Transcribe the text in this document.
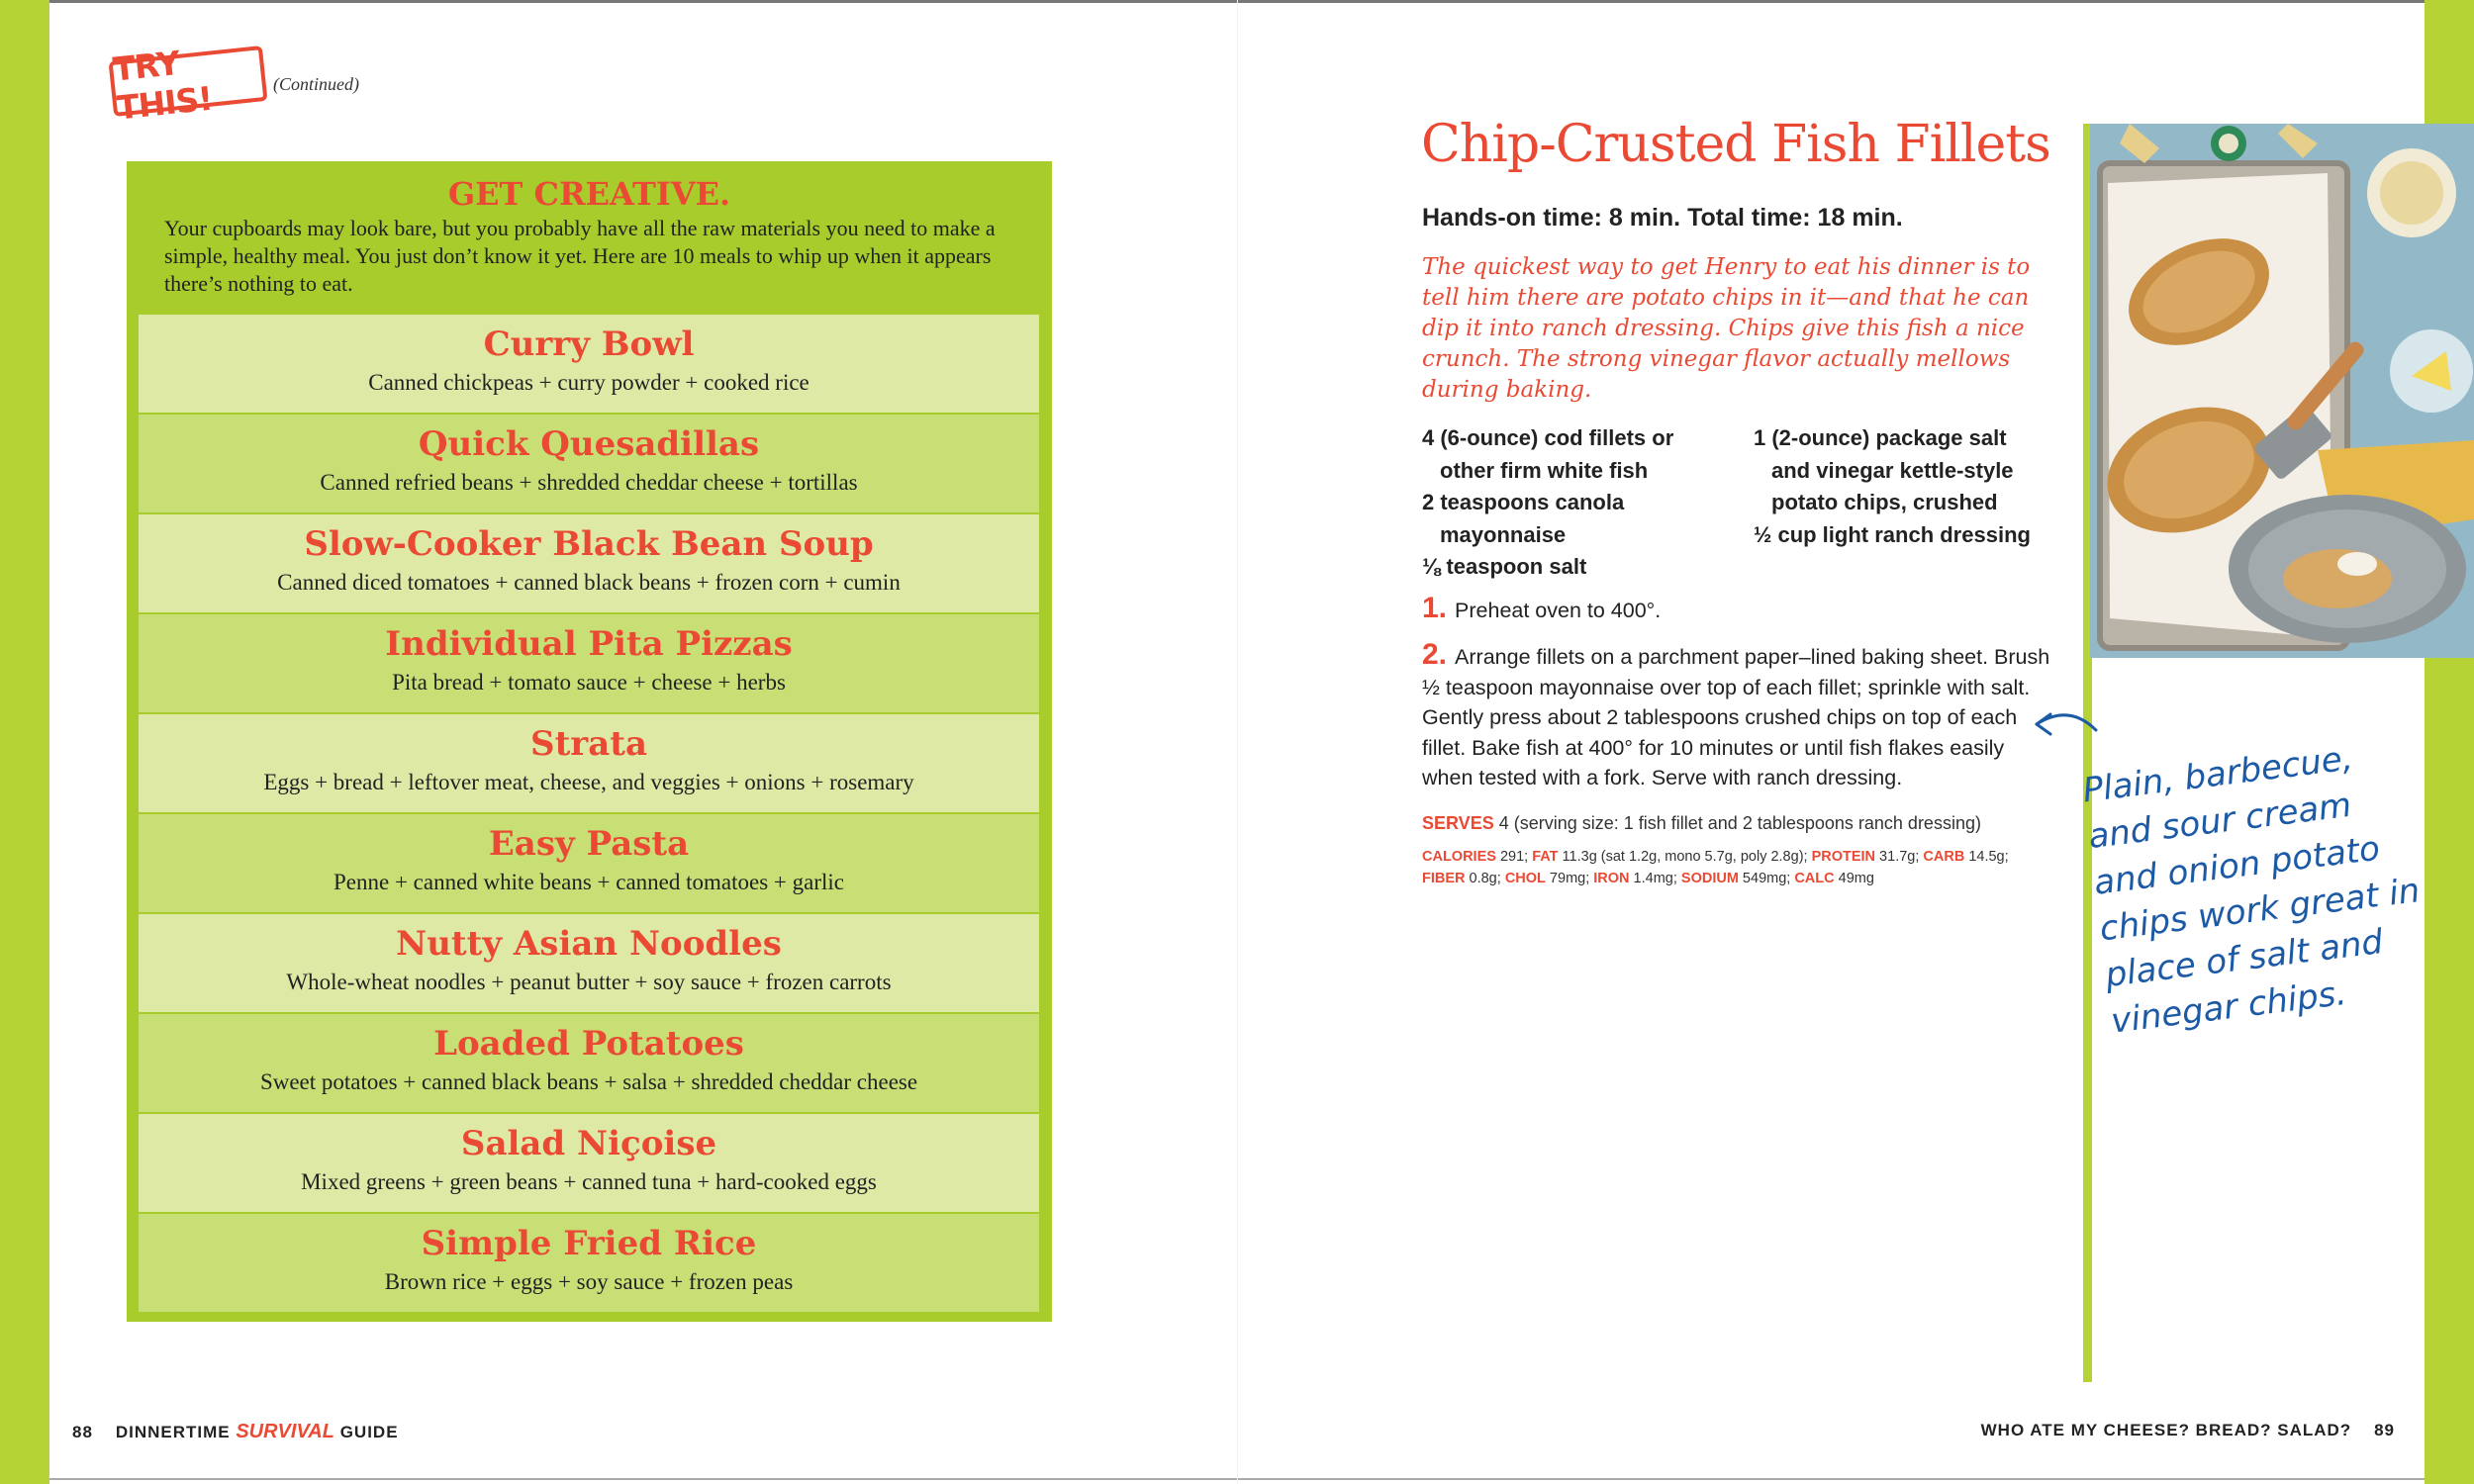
TRY THIS!	(Continued)
GET CREATIVE.
Your cupboards may look bare, but you probably have all the raw materials you need to make a simple, healthy meal. You just don’t know it yet. Here are 10 meals to whip up when it appears there’s nothing to eat.
Curry Bowl
Canned chickpeas + curry powder + cooked rice
Quick Quesadillas
Canned refried beans + shredded cheddar cheese + tortillas
Slow-Cooker Black Bean Soup
Canned diced tomatoes + canned black beans + frozen corn + cumin
Individual Pita Pizzas
Pita bread + tomato sauce + cheese + herbs
Strata
Eggs + bread + leftover meat, cheese, and veggies + onions + rosemary
Easy Pasta
Penne + canned white beans + canned tomatoes + garlic
Nutty Asian Noodles
Whole-wheat noodles + peanut butter + soy sauce + frozen carrots
Loaded Potatoes
Sweet potatoes + canned black beans + salsa + shredded cheddar cheese
Salad Niçoise
Mixed greens + green beans + canned tuna + hard-cooked eggs
Simple Fried Rice
Brown rice + eggs + soy sauce + frozen peas
88 DINNERTIME SURVIVAL GUIDE
Chip-Crusted Fish Fillets
Hands-on time: 8 min. Total time: 18 min.
The quickest way to get Henry to eat his dinner is to tell him there are potato chips in it—and that he can dip it into ranch dressing. Chips give this fish a nice crunch. The strong vinegar flavor actually mellows during baking.
4 (6-ounce) cod fillets or
other firm white fish
2 teaspoons canola
mayonnaise
⅛ teaspoon salt
1 (2-ounce) package salt
and vinegar kettle-style
potato chips, crushed
½ cup light ranch dressing
1. Preheat oven to 400°.
2. Arrange fillets on a parchment paper–lined baking sheet. Brush ½ teaspoon mayonnaise over top of each fillet; sprinkle with salt. Gently press about 2 tablespoons crushed chips on top of each fillet. Bake fish at 400° for 10 minutes or until fish flakes easily when tested with a fork. Serve with ranch dressing.
SERVES 4 (serving size: 1 fish fillet and 2 tablespoons ranch dressing)
CALORIES 291; FAT 11.3g (sat 1.2g, mono 5.7g, poly 2.8g); PROTEIN 31.7g; CARB 14.5g;
FIBER 0.8g; CHOL 79mg; IRON 1.4mg; SODIUM 549mg; CALC 49mg
Plain, barbecue, and sour cream and onion potato chips work great in place of salt and vinegar chips.
WHO ATE MY CHEESE? BREAD? SALAD? 89
